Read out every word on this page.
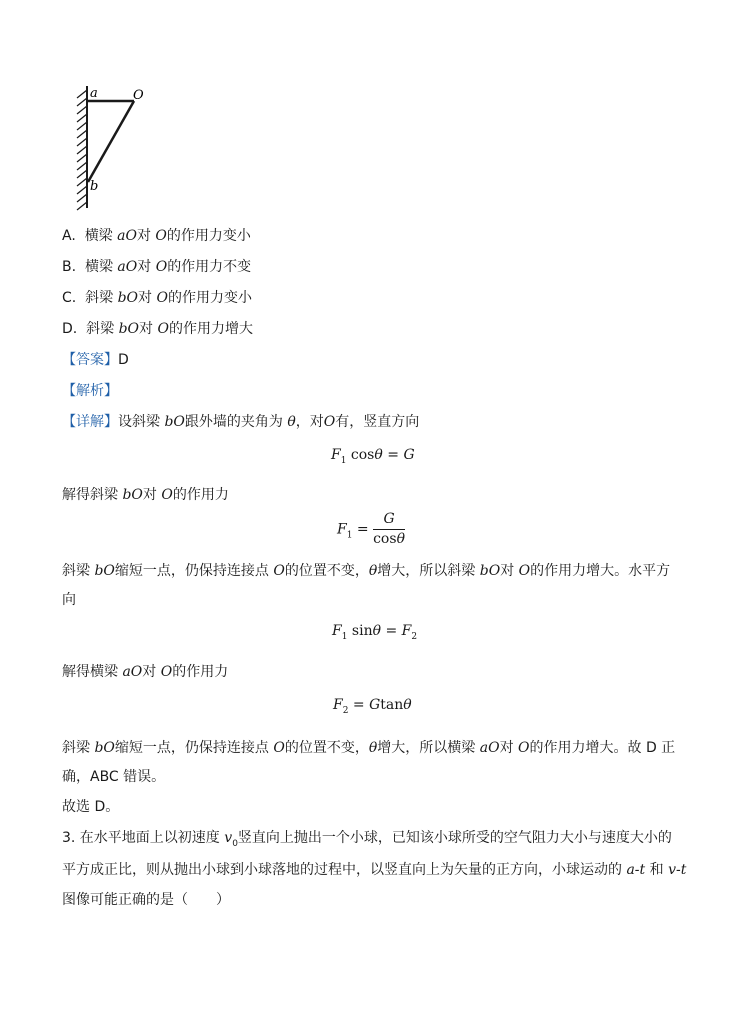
a	O
b
A. 横梁 aO对 O的作用力变小
B. 横梁 aO对 O的作用力不变
C. 斜梁 bO对 O的作用力变小
D. 斜梁 bO对 O的作用力增大
【答案】D
【解析】
【详解】设斜梁 bO跟外墙的夹角为 θ，对O有，竖直方向
$F_1$ cosθ = G
解得斜梁 bO对 O的作用力
$F_1 = \frac{G}{\cos\theta}$
斜梁 bO缩短一点，仍保持连接点 O的位置不变，θ增大，所以斜梁 bO对 O的作用力增大。水平方
向
$F_1$ $\sin\theta = F_2$
解得横梁 aO对 O的作用力
$F_2 = Gtan\theta$
斜梁 bO缩短一点，仍保持连接点 O的位置不变，θ增大，所以横梁 aO对 O的作用力增大。故 D 正
确，ABC 错误。
故选 D。
3. 在水平地面上以初速度 $v_0$竖直向上抛出一个小球，已知该小球所受的空气阻力大小与速度大小的
平方成正比，则从抛出小球到小球落地的过程中，以竖直向上为矢量的正方向，小球运动的 a-t 和 v-t
图像可能正确的是（　　）
